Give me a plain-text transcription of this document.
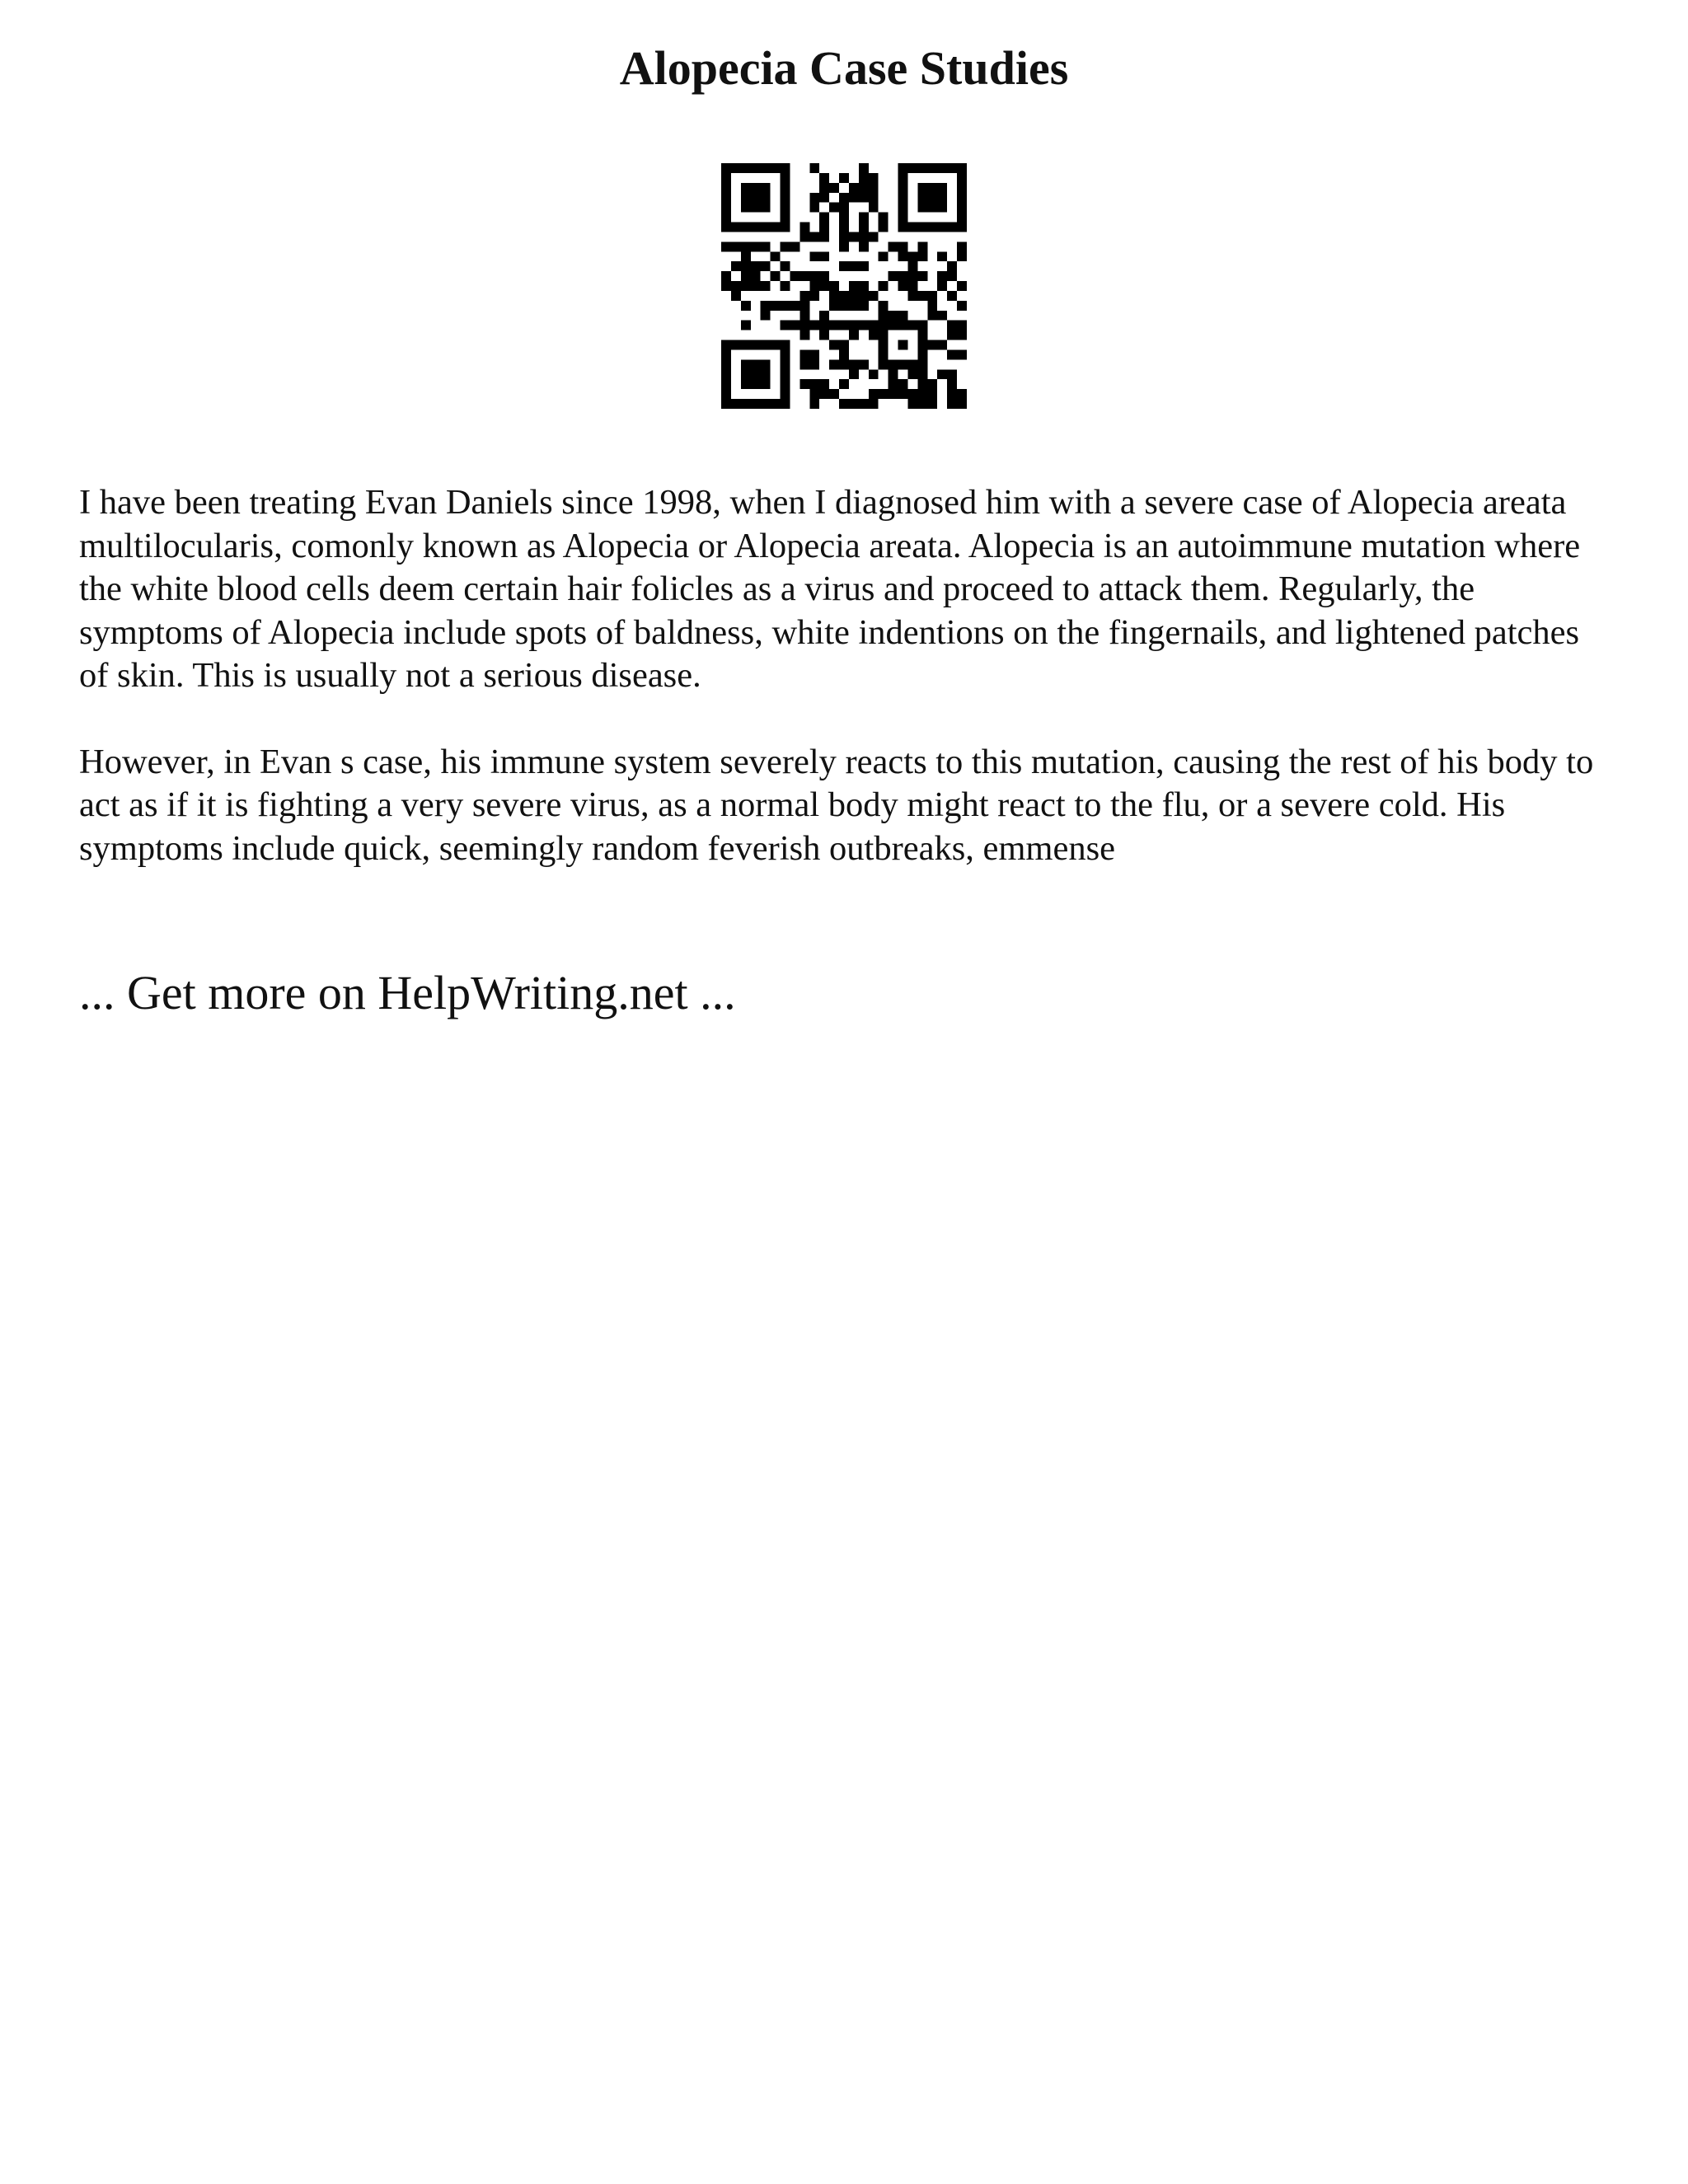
Alopecia Case Studies

I have been treating Evan Daniels since 1998, when I diagnosed him with a severe case of Alopecia areata multilocularis, comonly known as Alopecia or Alopecia areata. Alopecia is an autoimmune mutation where the white blood cells deem certain hair folicles as a virus and proceed to attack them. Regularly, the symptoms of Alopecia include spots of baldness, white indentions on the fingernails, and lightened patches of skin. This is usually not a serious disease.

However, in Evan s case, his immune system severely reacts to this mutation, causing the rest of his body to act as if it is fighting a very severe virus, as a normal body might react to the flu, or a severe cold. His symptoms include quick, seemingly random feverish outbreaks, emmense

... Get more on HelpWriting.net ...
